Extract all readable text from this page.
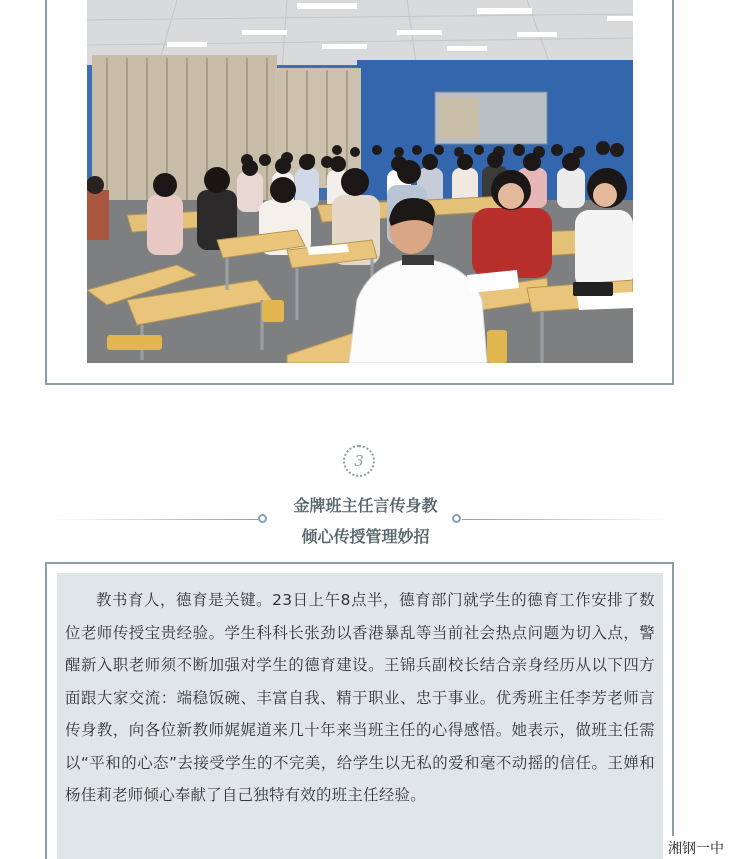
3
金牌班主任言传身教
倾心传授管理妙招

教书育人，德育是关键。23日上午8点半，德育部门就学生的德育工作安排了数位老师传授宝贵经验。学生科科长张劲以香港暴乱等当前社会热点问题为切入点，警醒新入职老师须不断加强对学生的德育建设。王锦兵副校长结合亲身经历从以下四方面跟大家交流：端稳饭碗、丰富自我、精于职业、忠于事业。优秀班主任李芳老师言传身教，向各位新教师娓娓道来几十年来当班主任的心得感悟。她表示，做班主任需以“平和的心态”去接受学生的不完美，给学生以无私的爱和毫不动摇的信任。王婵和杨佳莉老师倾心奉献了自己独特有效的班主任经验。

湘钢一中
